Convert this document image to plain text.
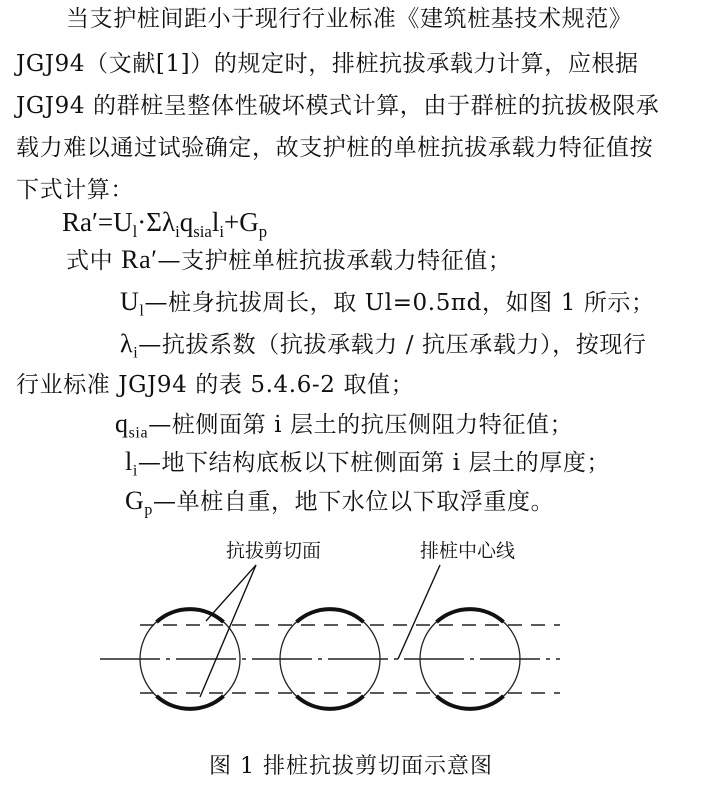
当支护桩间距小于现行行业标准《建筑桩基技术规范》
JGJ94（文献[1]）的规定时，排桩抗拔承载力计算，应根据
JGJ94 的群桩呈整体性破坏模式计算，由于群桩的抗拔极限承
载力难以通过试验确定，故支护桩的单桩抗拔承载力特征值按
下式计算：
$Ra'=U_l\cdot\Sigma\lambda_iq_{sia}l_i+G_p$
式中 Ra′—支护桩单桩抗拔承载力特征值；
$U_l—$桩身抗拔周长，取 Ul=0.5πd，如图 1 所示；
$\lambda_i—$抗拔系数（抗拔承载力 / 抗压承载力），按现行
行业标准 JGJ94 的表 5.4.6-2 取值；
$q_{sia}—$桩侧面第 i 层土的抗压侧阻力特征值；
$l_i—$地下结构底板以下桩侧面第 i 层土的厚度；
$G_p—$单桩自重，地下水位以下取浮重度。
抗拔剪切面	排桩中心线
图 1 排桩抗拔剪切面示意图
